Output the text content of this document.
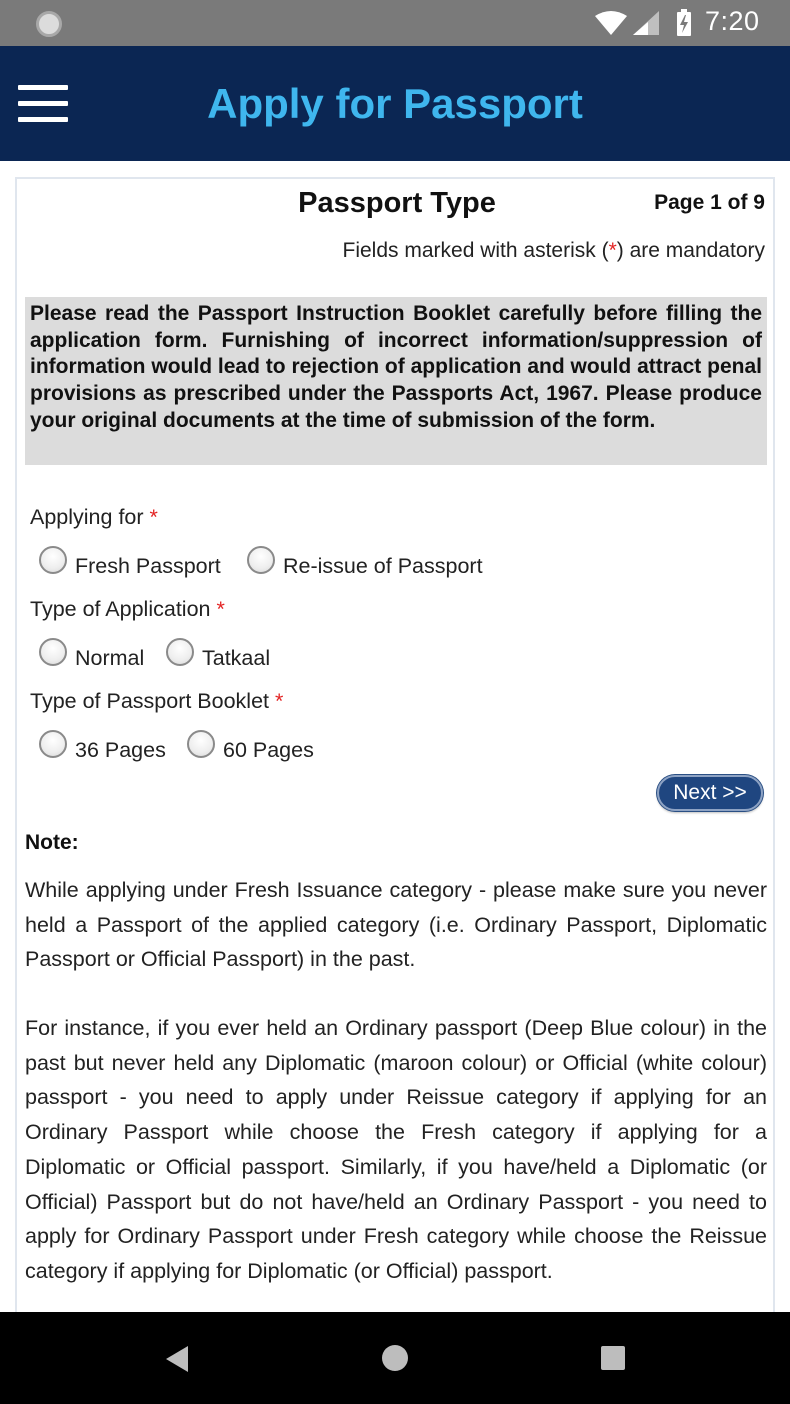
7:20
Apply for Passport
Passport Type	Page 1 of 9
Fields marked with asterisk (*) are mandatory
Please read the Passport Instruction Booklet carefully before filling the application form. Furnishing of incorrect information/suppression of information would lead to rejection of application and would attract penal provisions as prescribed under the Passports Act, 1967. Please produce your original documents at the time of submission of the form.
Applying for *
Fresh Passport	Re-issue of Passport
Type of Application *
Normal	Tatkaal
Type of Passport Booklet *
36 Pages	60 Pages
Next >>
Note:
While applying under Fresh Issuance category - please make sure you never held a Passport of the applied category (i.e. Ordinary Passport, Diplomatic Passport or Official Passport) in the past.
For instance, if you ever held an Ordinary passport (Deep Blue colour) in the past but never held any Diplomatic (maroon colour) or Official (white colour) passport - you need to apply under Reissue category if applying for an Ordinary Passport while choose the Fresh category if applying for a Diplomatic or Official passport. Similarly, if you have/held a Diplomatic (or Official) Passport but do not have/held an Ordinary Passport - you need to apply for Ordinary Passport under Fresh category while choose the Reissue category if applying for Diplomatic (or Official) passport.
